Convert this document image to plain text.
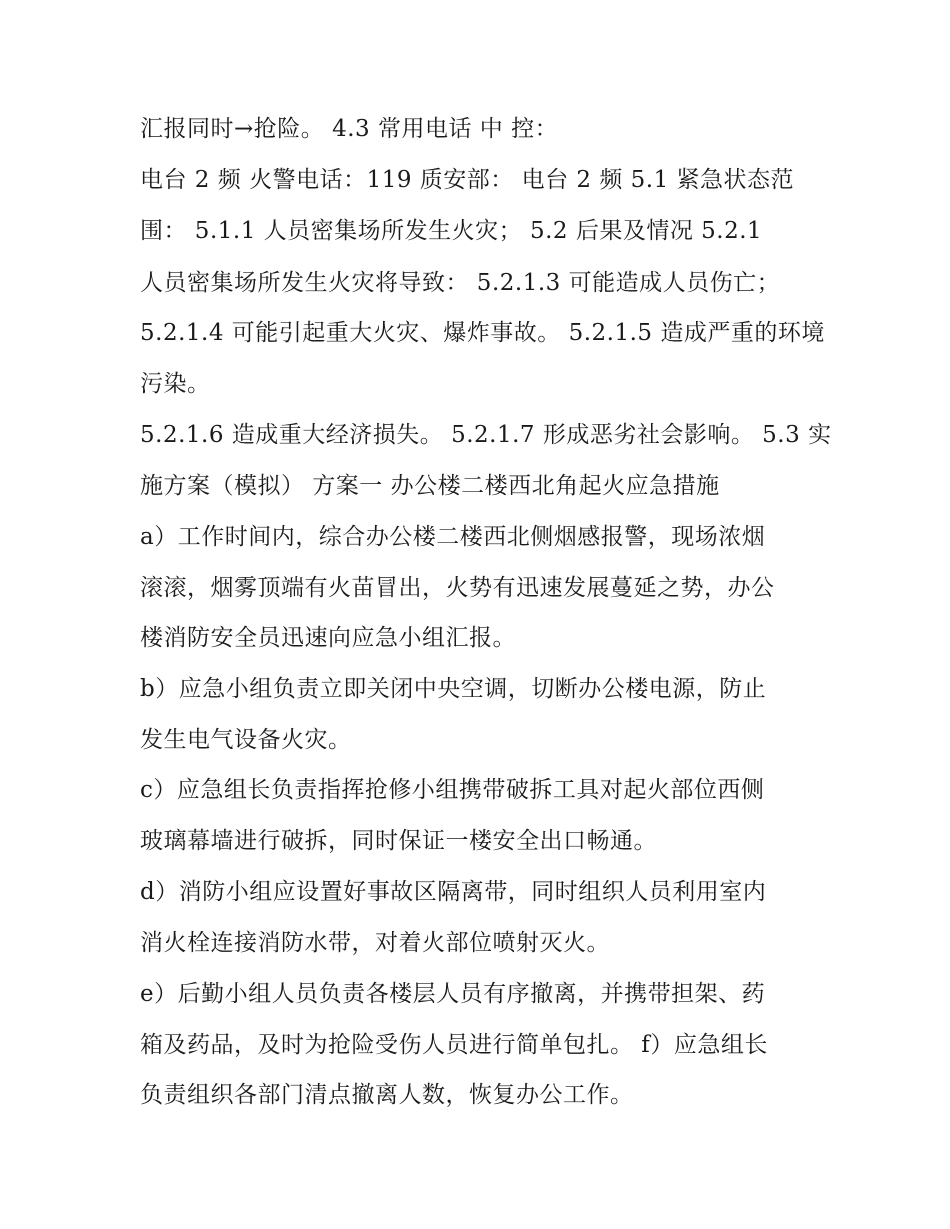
汇报同时→抢险。 4.3 常用电话 中 控：
电台 2 频 火警电话：119 质安部： 电台 2 频 5.1 紧急状态范
围： 5.1.1 人员密集场所发生火灾； 5.2 后果及情况 5.2.1
人员密集场所发生火灾将导致： 5.2.1.3 可能造成人员伤亡；
5.2.1.4 可能引起重大火灾、爆炸事故。 5.2.1.5 造成严重的环境
污染。
5.2.1.6 造成重大经济损失。 5.2.1.7 形成恶劣社会影响。 5.3 实
施方案（模拟） 方案一 办公楼二楼西北角起火应急措施
a）工作时间内，综合办公楼二楼西北侧烟感报警，现场浓烟
滚滚，烟雾顶端有火苗冒出，火势有迅速发展蔓延之势，办公
楼消防安全员迅速向应急小组汇报。
b）应急小组负责立即关闭中央空调，切断办公楼电源，防止
发生电气设备火灾。
c）应急组长负责指挥抢修小组携带破拆工具对起火部位西侧
玻璃幕墙进行破拆，同时保证一楼安全出口畅通。
d）消防小组应设置好事故区隔离带，同时组织人员利用室内
消火栓连接消防水带，对着火部位喷射灭火。
e）后勤小组人员负责各楼层人员有序撤离，并携带担架、药
箱及药品，及时为抢险受伤人员进行简单包扎。 f）应急组长
负责组织各部门清点撤离人数，恢复办公工作。
